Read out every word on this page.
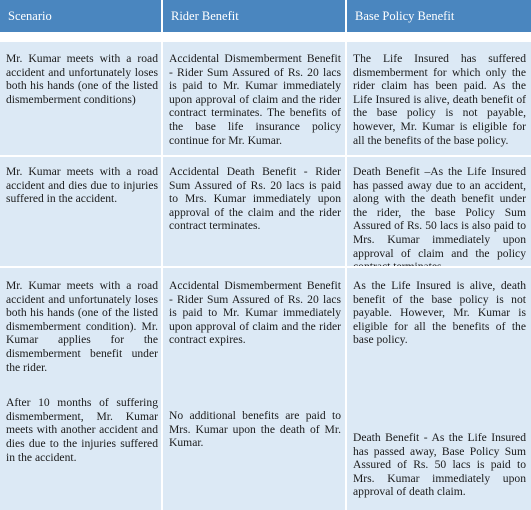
Scenario	Rider Benefit	Base Policy Benefit

Mr. Kumar meets with a road accident and unfortunately loses both his hands (one of the listed dismemberment conditions)

Accidental Dismemberment Benefit - Rider Sum Assured of Rs. 20 lacs is paid to Mr. Kumar immediately upon approval of claim and the rider contract terminates. The benefits of the base life insurance policy continue for Mr. Kumar.

The Life Insured has suffered dismemberment for which only the rider claim has been paid. As the Life Insured is alive, death benefit of the base policy is not payable, however, Mr. Kumar is eligible for all the benefits of the base policy.

Mr. Kumar meets with a road accident and dies due to injuries suffered in the accident.

Accidental Death Benefit - Rider Sum Assured of Rs. 20 lacs is paid to Mrs. Kumar immediately upon approval of the claim and the rider contract terminates.

Death Benefit –As the Life Insured has passed away due to an accident, along with the death benefit under the rider, the base Policy Sum Assured of Rs. 50 lacs is also paid to Mrs. Kumar immediately upon approval of claim and the policy

Mr. Kumar meets with a road accident and unfortunately loses both his hands (one of the listed dismemberment condition). Mr. Kumar applies for the dismemberment benefit under the rider.

After 10 months of suffering dismemberment, Mr. Kumar meets with another accident and dies due to the injuries suffered in the accident.

Accidental Dismemberment Benefit - Rider Sum Assured of Rs. 20 lacs is paid to Mr. Kumar immediately upon approval of claim and the rider contract expires.

No additional benefits are paid to Mrs. Kumar upon the death of Mr. Kumar.

As the Life Insured is alive, death benefit of the base policy is not payable. However, Mr. Kumar is eligible for all the benefits of the base policy.

Death Benefit - As the Life Insured has passed away, Base Policy Sum Assured of Rs. 50 lacs is paid to Mrs. Kumar immediately upon approval of death claim.
